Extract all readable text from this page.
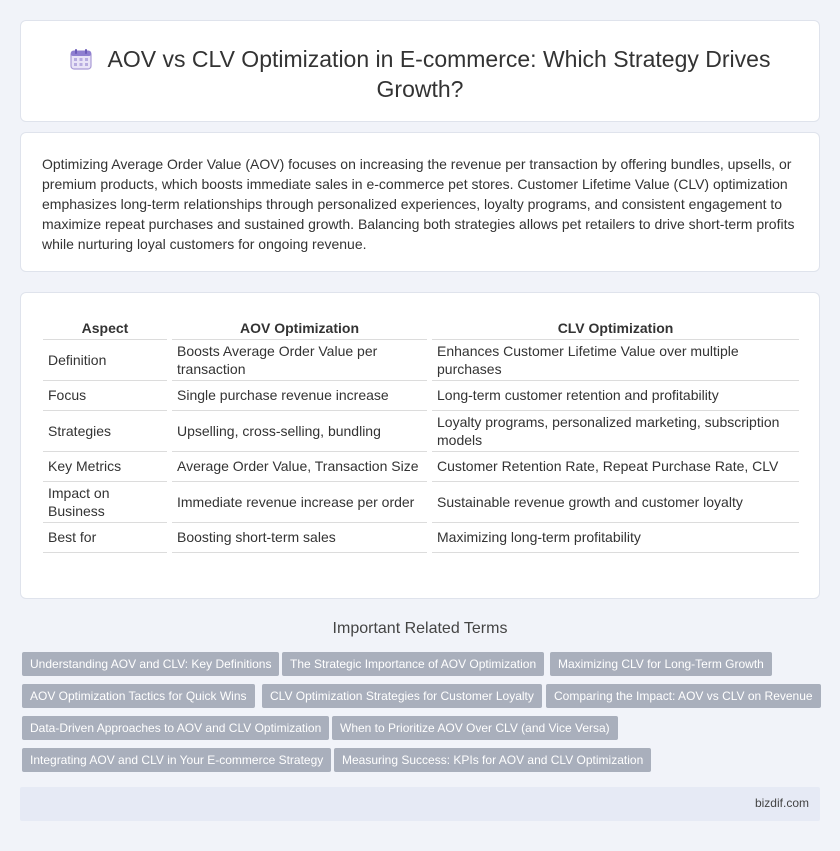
AOV vs CLV Optimization in E-commerce: Which Strategy Drives Growth?

Optimizing Average Order Value (AOV) focuses on increasing the revenue per transaction by offering bundles, upsells, or premium products, which boosts immediate sales in e-commerce pet stores. Customer Lifetime Value (CLV) optimization emphasizes long-term relationships through personalized experiences, loyalty programs, and consistent engagement to maximize repeat purchases and sustained growth. Balancing both strategies allows pet retailers to drive short-term profits while nurturing loyal customers for ongoing revenue.

Aspect		AOV Optimization		CLV Optimization
Definition		Boosts Average Order Value per transaction		Enhances Customer Lifetime Value over multiple purchases
Focus		Single purchase revenue increase		Long-term customer retention and profitability
Strategies		Upselling, cross-selling, bundling		Loyalty programs, personalized marketing, subscription models
Key Metrics		Average Order Value, Transaction Size		Customer Retention Rate, Repeat Purchase Rate, CLV
Impact on Business		Immediate revenue increase per order		Sustainable revenue growth and customer loyalty
Best for		Boosting short-term sales		Maximizing long-term profitability
Important Related Terms
Understanding AOV and CLV: Key Definitions	The Strategic Importance of AOV Optimization	Maximizing CLV for Long-Term Growth
AOV Optimization Tactics for Quick Wins	CLV Optimization Strategies for Customer Loyalty	Comparing the Impact: AOV vs CLV on Revenue
Data-Driven Approaches to AOV and CLV Optimization	When to Prioritize AOV Over CLV (and Vice Versa)
Integrating AOV and CLV in Your E-commerce Strategy	Measuring Success: KPIs for AOV and CLV Optimization
bizdif.com
